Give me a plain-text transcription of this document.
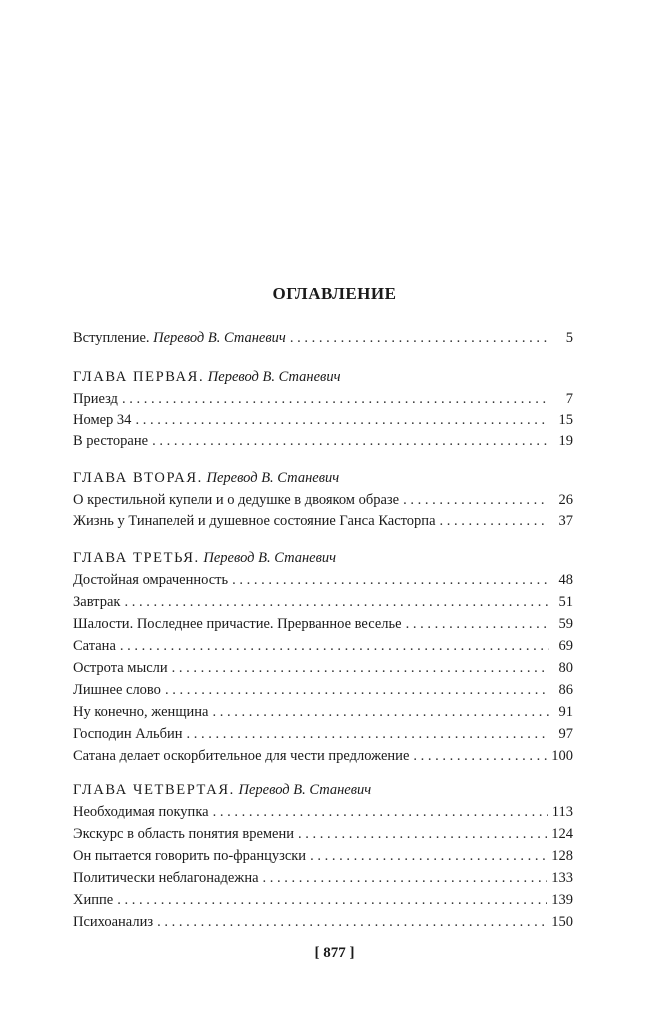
ОГЛАВЛЕНИЕ
Вступление. Перевод В. Станевич . . .	5
ГЛАВА ПЕРВАЯ. Перевод В. Станевич
Приезд . . .	7
Номер 34 . . .	15
В ресторане . . .	19
ГЛАВА ВТОРАЯ. Перевод В. Станевич
О крестильной купели и о дедушке в двояком образе . . .	26
Жизнь у Тинапелей и душевное состояние Ганса Касторпа . . .	37
ГЛАВА ТРЕТЬЯ. Перевод В. Станевич
Достойная омраченность . . .	48
Завтрак . . .	51
Шалости. Последнее причастие. Прерванное веселье . . .	59
Сатана . . .	69
Острота мысли . . .	80
Лишнее слово . . .	86
Ну конечно, женщина . . .	91
Господин Альбин . . .	97
Сатана делает оскорбительное для чести предложение . . .	100
ГЛАВА ЧЕТВЕРТАЯ. Перевод В. Станевич
Необходимая покупка . . .	113
Экскурс в область понятия времени . . .	124
Он пытается говорить по-французски . . .	128
Политически неблагонадежна . . .	133
Хиппе . . .	139
Психоанализ . . .	150
[ 877 ]
